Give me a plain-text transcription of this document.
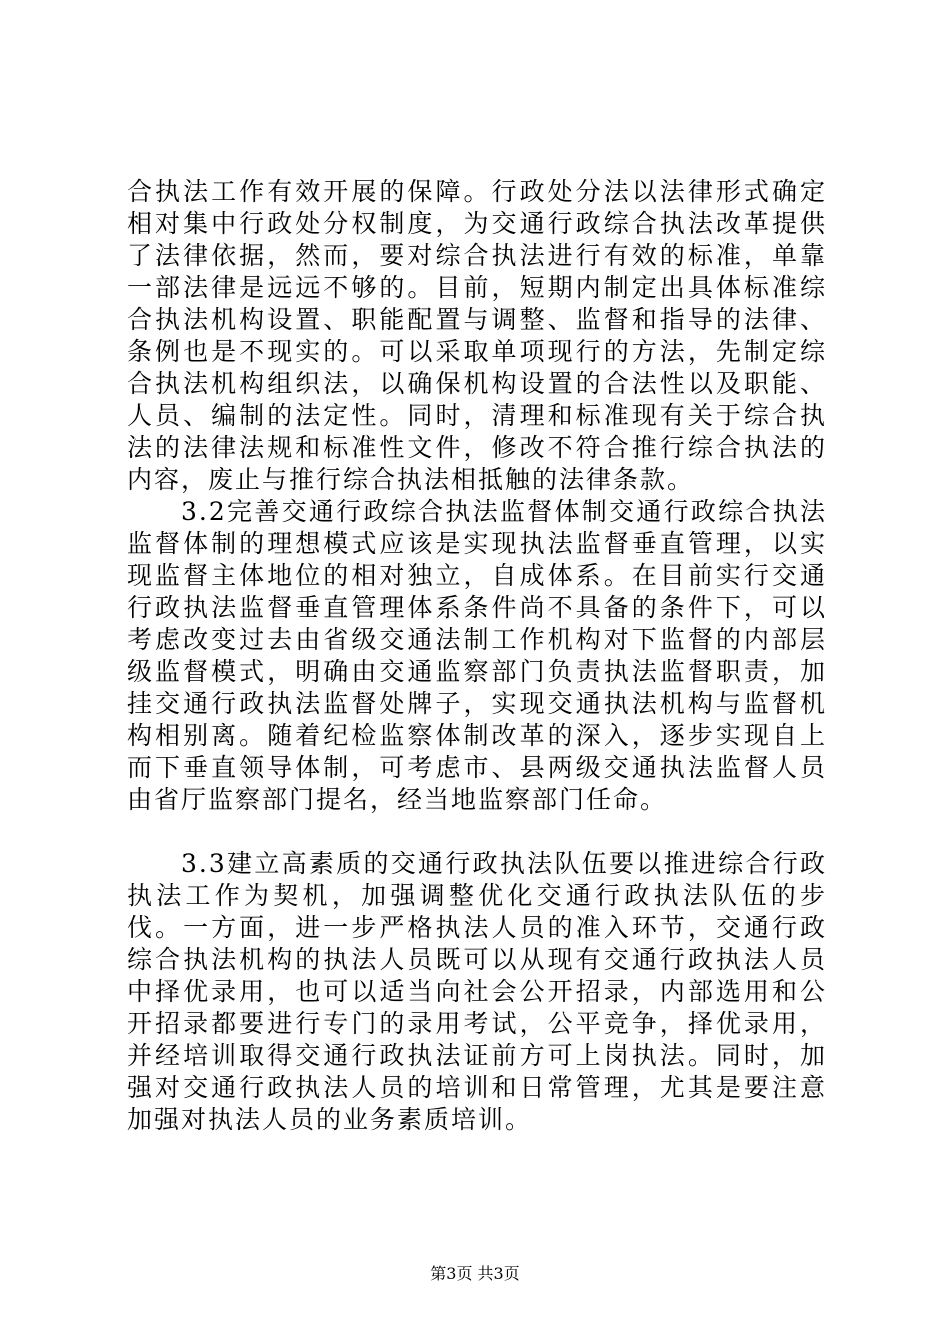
合执法工作有效开展的保障。行政处分法以法律形式确定相对集中行政处分权制度，为交通行政综合执法改革提供了法律依据，然而，要对综合执法进行有效的标准，单靠一部法律是远远不够的。目前，短期内制定出具体标准综合执法机构设置、职能配置与调整、监督和指导的法律、条例也是不现实的。可以采取单项现行的方法，先制定综合执法机构组织法，以确保机构设置的合法性以及职能、人员、编制的法定性。同时，清理和标准现有关于综合执法的法律法规和标准性文件，修改不符合推行综合执法的内容，废止与推行综合执法相抵触的法律条款。

3.2完善交通行政综合执法监督体制交通行政综合执法监督体制的理想模式应该是实现执法监督垂直管理，以实现监督主体地位的相对独立，自成体系。在目前实行交通行政执法监督垂直管理体系条件尚不具备的条件下，可以考虑改变过去由省级交通法制工作机构对下监督的内部层级监督模式，明确由交通监察部门负责执法监督职责，加挂交通行政执法监督处牌子，实现交通执法机构与监督机构相别离。随着纪检监察体制改革的深入，逐步实现自上而下垂直领导体制，可考虑市、县两级交通执法监督人员由省厅监察部门提名，经当地监察部门任命。

3.3建立高素质的交通行政执法队伍要以推进综合行政执法工作为契机，加强调整优化交通行政执法队伍的步伐。一方面，进一步严格执法人员的准入环节，交通行政综合执法机构的执法人员既可以从现有交通行政执法人员中择优录用，也可以适当向社会公开招录，内部选用和公开招录都要进行专门的录用考试，公平竞争，择优录用，并经培训取得交通行政执法证前方可上岗执法。同时，加强对交通行政执法人员的培训和日常管理，尤其是要注意加强对执法人员的业务素质培训。

第3页 共3页
